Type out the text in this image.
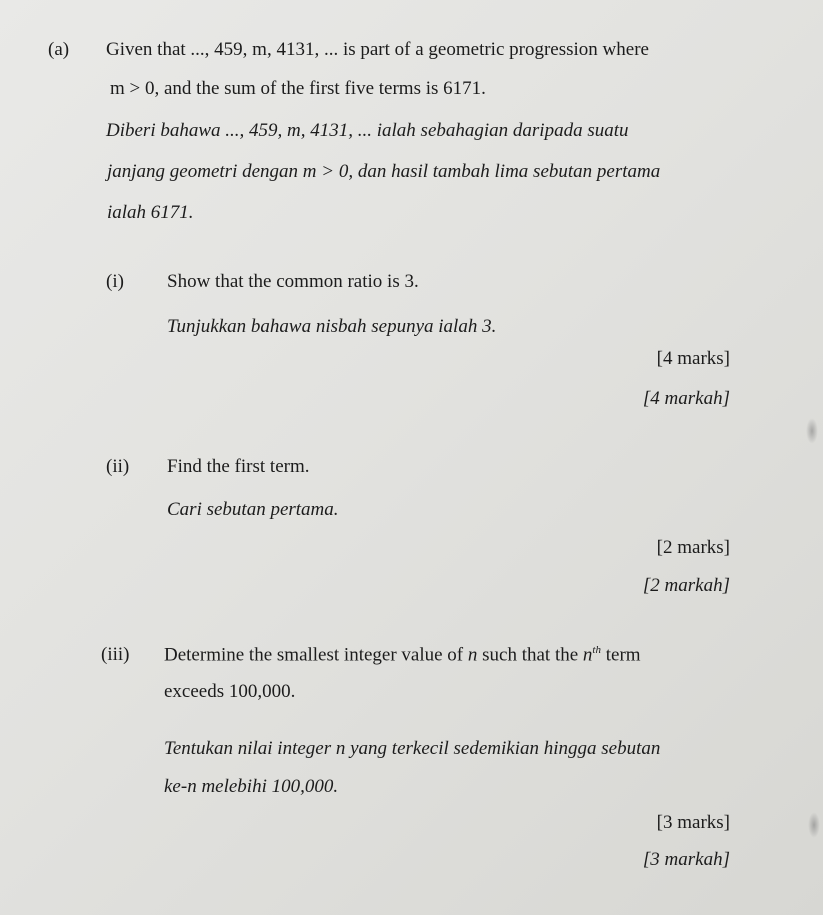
(a) Given that ..., 459, m, 4131, ... is part of a geometric progression where
m > 0, and the sum of the first five terms is 6171.
Diberi bahawa ..., 459, m, 4131, ... ialah sebahagian daripada suatu
janjang geometri dengan m > 0, dan hasil tambah lima sebutan pertama
ialah 6171.
(i) Show that the common ratio is 3.
Tunjukkan bahawa nisbah sepunya ialah 3.
[4 marks]
[4 markah]
(ii) Find the first term.
Cari sebutan pertama.
[2 marks]
[2 markah]
(iii) Determine the smallest integer value of n such that the $n^{th}$ term
exceeds 100,000.
Tentukan nilai integer n yang terkecil sedemikian hingga sebutan
ke-n melebihi 100,000.
[3 marks]
[3 markah]
